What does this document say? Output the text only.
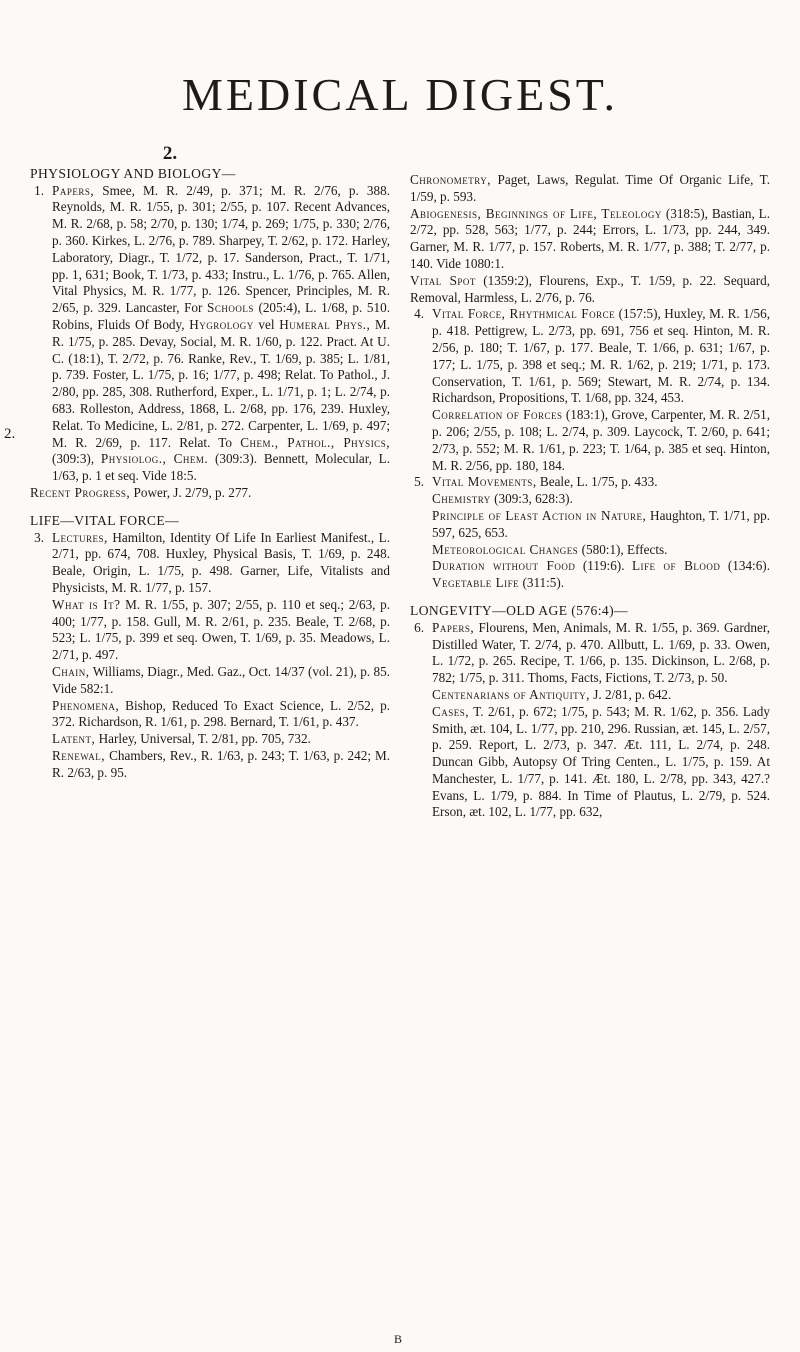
MEDICAL DIGEST.
2.
PHYSIOLOGY AND BIOLOGY—
1. Papers, Smee, M. R. 2/49, p. 371; M. R. 2/76, p. 388. Reynolds, M. R. 1/55, p. 301; 2/55, p. 107. Recent Advances, M. R. 2/68, p. 58; 2/70, p. 130; 1/74, p. 269; 1/75, p. 330; 2/76, p. 360. Kirkes, L. 2/76, p. 789. Sharpey, T. 2/62, p. 172. Harley, Laboratory, Diagr., T. 1/72, p. 17. Sanderson, Pract., T. 1/71, pp. 1, 631; Book, T. 1/73, p. 433; Instru., L. 1/76, p. 765. Allen, Vital Physics, M. R. 1/77, p. 126. Spencer, Principles, M. R. 2/65, p. 329. Lancaster, For Schools (205:4), L. 1/68, p. 510. Robins, Fluids Of Body, Hygrology vel Humeral Phys., M. R. 1/75, p. 285. Devay, Social, M. R. 1/60, p. 122. Pract. At U. C. (18:1), T. 2/72, p. 76. Ranke, Rev., T. 1/69, p. 385; L. 1/81, p. 739. Foster, L. 1/75, p. 16; 1/77, p. 498; Relat. To Pathol., J. 2/80, pp. 285, 308. Rutherford, Exper., L. 1/71, p. 1; L. 2/74, p. 683. Rolleston, Address, 1868, L. 2/68, pp. 176, 239. Huxley, Relat. To Medicine, L. 2/81, p. 272. Carpenter, L. 1/69, p. 497; M. R. 2/69, p. 117. Relat. To Chem., Pathol., Physics, (309:3), Physiolog., Chem. (309:3). Bennett, Molecular, L. 1/63, p. 1 et seq. Vide 18:5.
Recent Progress, Power, J. 2/79, p. 277.
LIFE—VITAL FORCE—
3. Lectures, Hamilton, Identity Of Life In Earliest Manifest., L. 2/71, pp. 674, 708. Huxley, Physical Basis, T. 1/69, p. 248. Beale, Origin, L. 1/75, p. 498. Garner, Life, Vitalists and Physicists, M. R. 1/77, p. 157.
What is It? M. R. 1/55, p. 307; 2/55, p. 110 et seq.; 2/63, p. 400; 1/77, p. 158. Gull, M. R. 2/61, p. 235. Beale, T. 2/68, p. 523; L. 1/75, p. 399 et seq. Owen, T. 1/69, p. 35. Meadows, L. 2/71, p. 497.
Chain, Williams, Diagr., Med. Gaz., Oct. 14/37 (vol. 21), p. 85. Vide 582:1.
Phenomena, Bishop, Reduced To Exact Science, L. 2/52, p. 372. Richardson, R. 1/61, p. 298. Bernard, T. 1/61, p. 437.
Latent, Harley, Universal, T. 2/81, pp. 705, 732.
Renewal, Chambers, Rev., R. 1/63, p. 243; T. 1/63, p. 242; M. R. 2/63, p. 95.
2.
Chronometry, Paget, Laws, Regulat. Time Of Organic Life, T. 1/59, p. 593.
Abiogenesis, Beginnings of Life, Teleology (318:5), Bastian, L. 2/72, pp. 528, 563; 1/77, p. 244; Errors, L. 1/73, pp. 244, 349. Garner, M. R. 1/77, p. 157. Roberts, M. R. 1/77, p. 388; T. 2/77, p. 140. Vide 1080:1.
Vital Spot (1359:2), Flourens, Exp., T. 1/59, p. 22. Sequard, Removal, Harmless, L. 2/76, p. 76.
4. Vital Force, Rhythmical Force (157:5), Huxley, M. R. 1/56, p. 418. Pettigrew, L. 2/73, pp. 691, 756 et seq. Hinton, M. R. 2/56, p. 180; T. 1/67, p. 177. Beale, T. 1/66, p. 631; 1/67, p. 177; L. 1/75, p. 398 et seq.; M. R. 1/62, p. 219; 1/71, p. 173. Conservation, T. 1/61, p. 569; Stewart, M. R. 2/74, p. 134. Richardson, Propositions, T. 1/68, pp. 324, 453.
Correlation of Forces (183:1), Grove, Carpenter, M. R. 2/51, p. 206; 2/55, p. 108; L. 2/74, p. 309. Laycock, T. 2/60, p. 641; 2/73, p. 552; M. R. 1/61, p. 223; T. 1/64, p. 385 et seq. Hinton, M. R. 2/56, pp. 180, 184.
5. Vital Movements, Beale, L. 1/75, p. 433.
Chemistry (309:3, 628:3).
Principle of Least Action in Nature, Haughton, T. 1/71, pp. 597, 625, 653.
Meteorological Changes (580:1), Effects.
Duration without Food (119:6). Life of Blood (134:6). Vegetable Life (311:5).
LONGEVITY—OLD AGE (576:4)—
6. Papers, Flourens, Men, Animals, M. R. 1/55, p. 369. Gardner, Distilled Water, T. 2/74, p. 470. Allbutt, L. 1/69, p. 33. Owen, L. 1/72, p. 265. Recipe, T. 1/66, p. 135. Dickinson, L. 2/68, p. 782; 1/75, p. 311. Thoms, Facts, Fictions, T. 2/73, p. 50.
Centenarians of Antiquity, J. 2/81, p. 642.
Cases, T. 2/61, p. 672; 1/75, p. 543; M. R. 1/62, p. 356. Lady Smith, æt. 104, L. 1/77, pp. 210, 296. Russian, æt. 145, L. 2/57, p. 259. Report, L. 2/73, p. 347. Æt. 111, L. 2/74, p. 248. Duncan Gibb, Autopsy Of Tring Centen., L. 1/75, p. 159. At Manchester, L. 1/77, p. 141. Æt. 180, L. 2/78, pp. 343, 427.? Evans, L. 1/79, p. 884. In Time of Plautus, L. 2/79, p. 524. Erson, æt. 102, L. 1/77, pp. 632,
B
